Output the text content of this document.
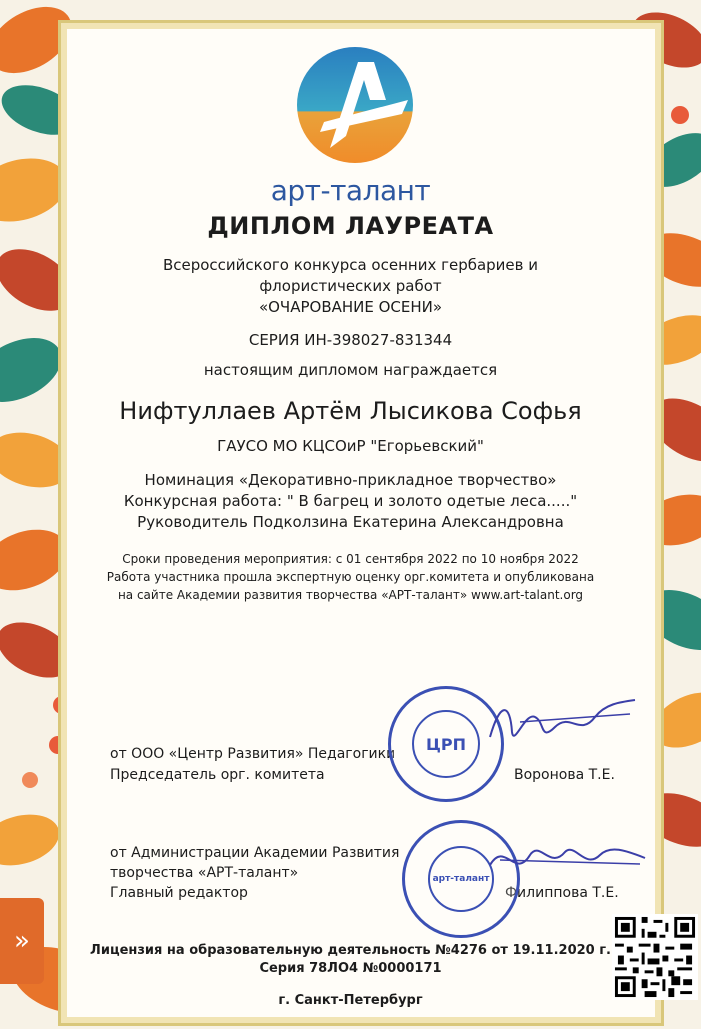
арт-талант
ДИПЛОМ ЛАУРЕАТА
Всероссийского конкурса осенних гербариев и
флористических работ
«ОЧАРОВАНИЕ ОСЕНИ»
СЕРИЯ ИН-398027-831344
настоящим дипломом награждается
Нифтуллаев Артём Лысикова Софья
ГАУСО МО КЦСОиР "Егорьевский"
Номинация «Декоративно-прикладное творчество»
Конкурсная работа: " В багрец и золото одетые леса....."
Руководитель Подколзина Екатерина Александровна
Сроки проведения мероприятия: с 01 сентября 2022 по 10 ноября 2022
Работа участника прошла экспертную оценку орг.комитета и опубликована
на сайте Академии развития творчества «АРТ-талант» www.art-talant.org
от ООО «Центр Развития» Педагогики
Председатель орг. комитета	Воронова Т.Е.
ЦРП
от Администрации Академии Развития
творчества «АРТ-талант»
Главный редактор	Филиппова Т.Е.
арт-талант
Лицензия на образовательную деятельность №4276 от 19.11.2020 г.
Серия 78ЛО4 №0000171
г. Санкт-Петербург
»
